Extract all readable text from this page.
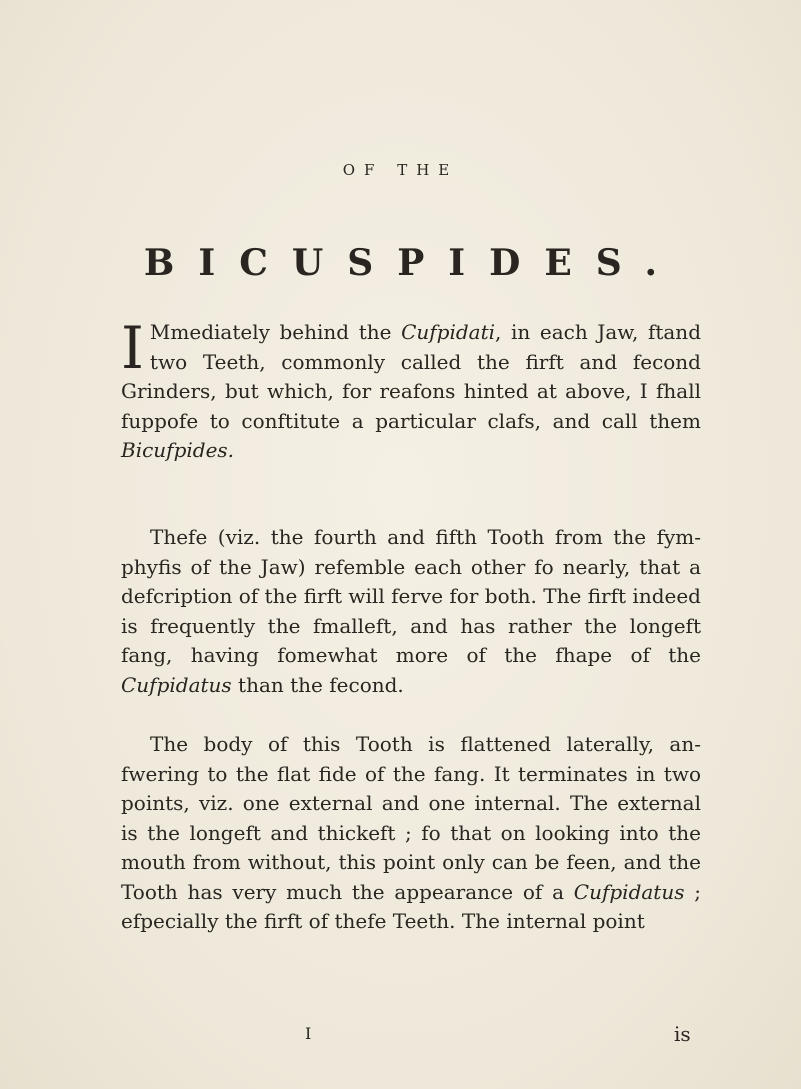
OF THE
BICUSPIDES.

I Mmediately behind the Cufpidati, in each Jaw, ftand two Teeth, commonly called the firft and fecond Grinders, but which, for reafons hinted at above, I fhall fuppofe to conftitute a particular clafs, and call them Bicufpides.

Thefe (viz. the fourth and fifth Tooth from the fym-phyfis of the Jaw) refemble each other fo nearly, that a defcription of the firft will ferve for both. The firft indeed is frequently the fmalleft, and has rather the longeft fang, having fomewhat more of the fhape of the Cufpidatus than the fecond.

The body of this Tooth is flattened laterally, an-fwering to the flat fide of the fang. It terminates in two points, viz. one external and one internal. The external is the longeft and thickeft ; fo that on looking into the mouth from without, this point only can be feen, and the Tooth has very much the appearance of a Cufpidatus ; efpecially the firft of thefe Teeth. The internal point

I	is
